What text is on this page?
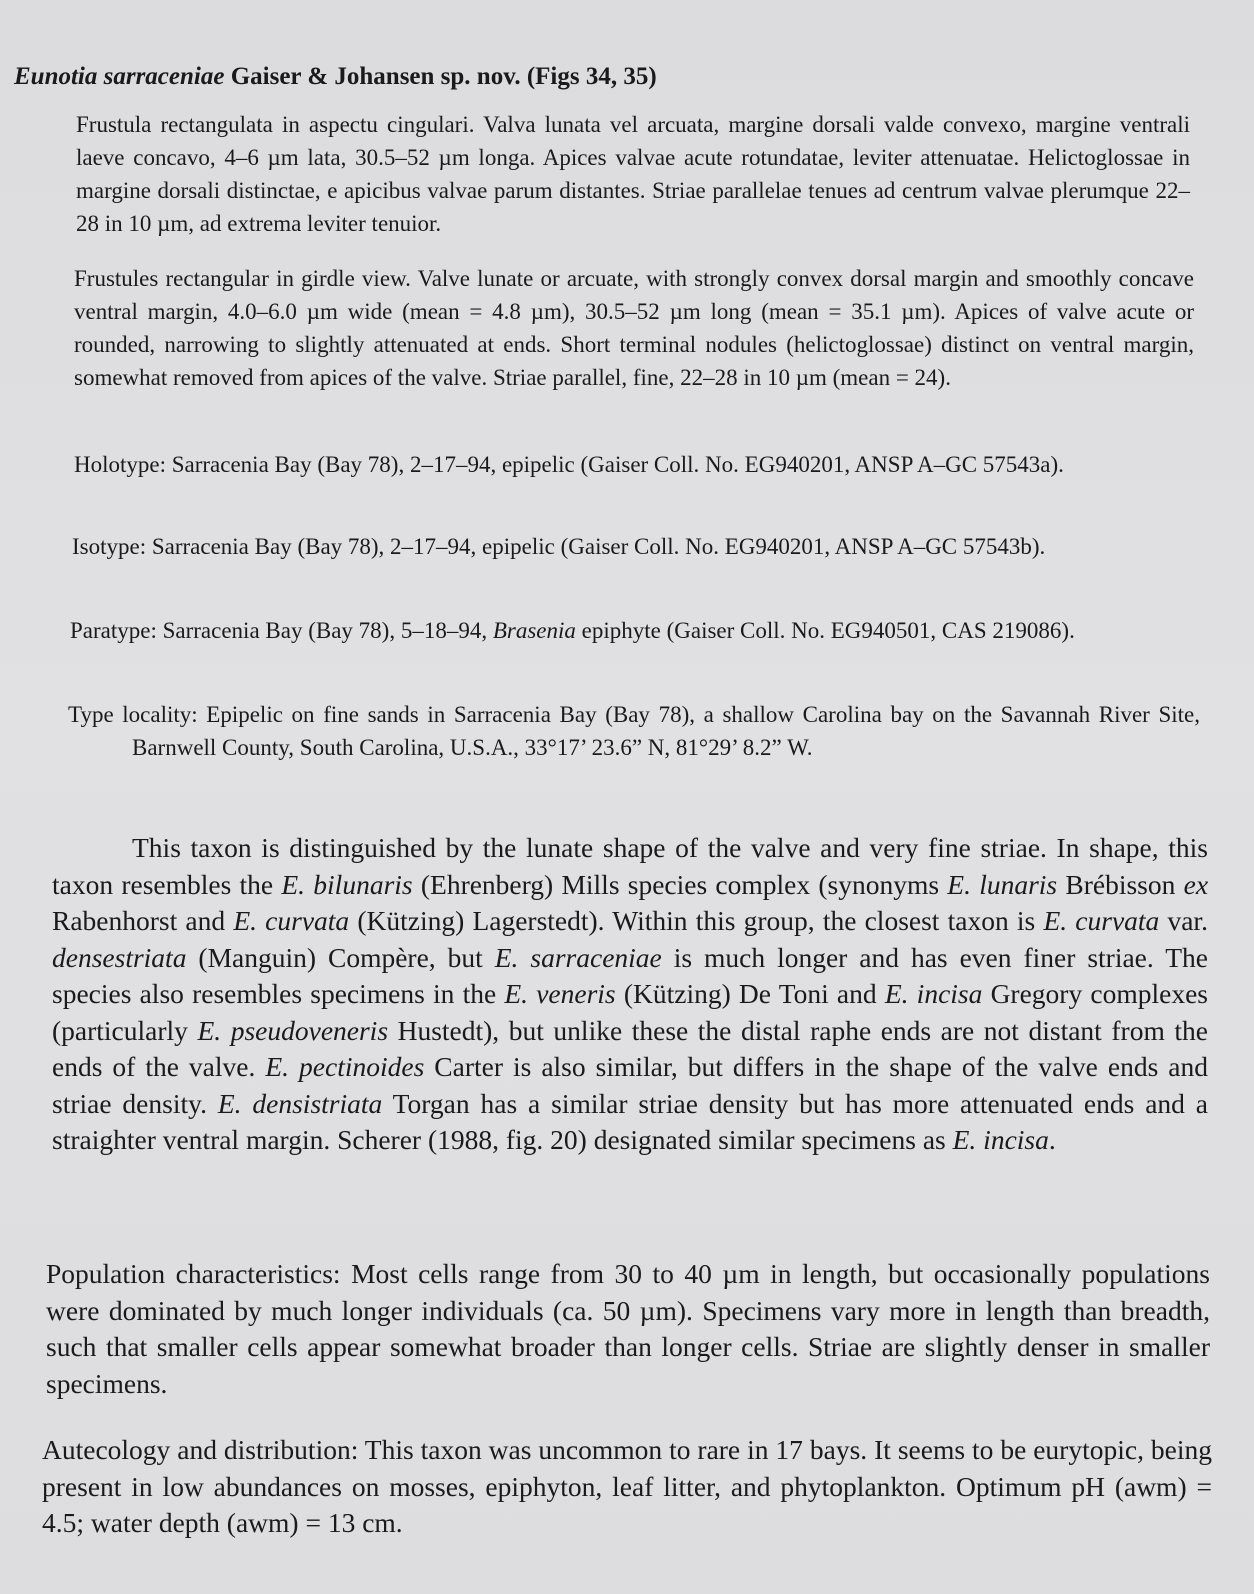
Eunotia sarraceniae Gaiser & Johansen sp. nov. (Figs 34, 35)
Frustula rectangulata in aspectu cingulari. Valva lunata vel arcuata, margine dorsali valde convexo, margine ventrali laeve concavo, 4–6 µm lata, 30.5–52 µm longa. Apices valvae acute rotundatae, leviter attenuatae. Helictoglossae in margine dorsali distinctae, e apicibus valvae parum distantes. Striae parallelae tenues ad centrum valvae plerumque 22–28 in 10 µm, ad extrema leviter tenuior.
Frustules rectangular in girdle view. Valve lunate or arcuate, with strongly convex dorsal margin and smoothly concave ventral margin, 4.0–6.0 µm wide (mean = 4.8 µm), 30.5–52 µm long (mean = 35.1 µm). Apices of valve acute or rounded, narrowing to slightly attenuated at ends. Short terminal nodules (helictoglossae) distinct on ventral margin, somewhat removed from apices of the valve. Striae parallel, fine, 22–28 in 10 µm (mean = 24).
Holotype: Sarracenia Bay (Bay 78), 2–17–94, epipelic (Gaiser Coll. No. EG940201, ANSP A–GC 57543a).
Isotype: Sarracenia Bay (Bay 78), 2–17–94, epipelic (Gaiser Coll. No. EG940201, ANSP A–GC 57543b).
Paratype: Sarracenia Bay (Bay 78), 5–18–94, Brasenia epiphyte (Gaiser Coll. No. EG940501, CAS 219086).
Type locality: Epipelic on fine sands in Sarracenia Bay (Bay 78), a shallow Carolina bay on the Savannah River Site, Barnwell County, South Carolina, U.S.A., 33°17’ 23.6” N, 81°29’ 8.2” W.
This taxon is distinguished by the lunate shape of the valve and very fine striae. In shape, this taxon resembles the E. bilunaris (Ehrenberg) Mills species complex (synonyms E. lunaris Brébisson ex Rabenhorst and E. curvata (Kützing) Lagerstedt). Within this group, the closest taxon is E. curvata var. densestriata (Manguin) Compère, but E. sarraceniae is much longer and has even finer striae. The species also resembles specimens in the E. veneris (Kützing) De Toni and E. incisa Gregory complexes (particularly E. pseudoveneris Hustedt), but unlike these the distal raphe ends are not distant from the ends of the valve. E. pectinoides Carter is also similar, but differs in the shape of the valve ends and striae density. E. densistriata Torgan has a similar striae density but has more attenuated ends and a straighter ventral margin. Scherer (1988, fig. 20) designated similar specimens as E. incisa.
Population characteristics: Most cells range from 30 to 40 µm in length, but occasionally populations were dominated by much longer individuals (ca. 50 µm). Specimens vary more in length than breadth, such that smaller cells appear somewhat broader than longer cells. Striae are slightly denser in smaller specimens.
Autecology and distribution: This taxon was uncommon to rare in 17 bays. It seems to be eurytopic, being present in low abundances on mosses, epiphyton, leaf litter, and phytoplankton. Optimum pH (awm) = 4.5; water depth (awm) = 13 cm.
